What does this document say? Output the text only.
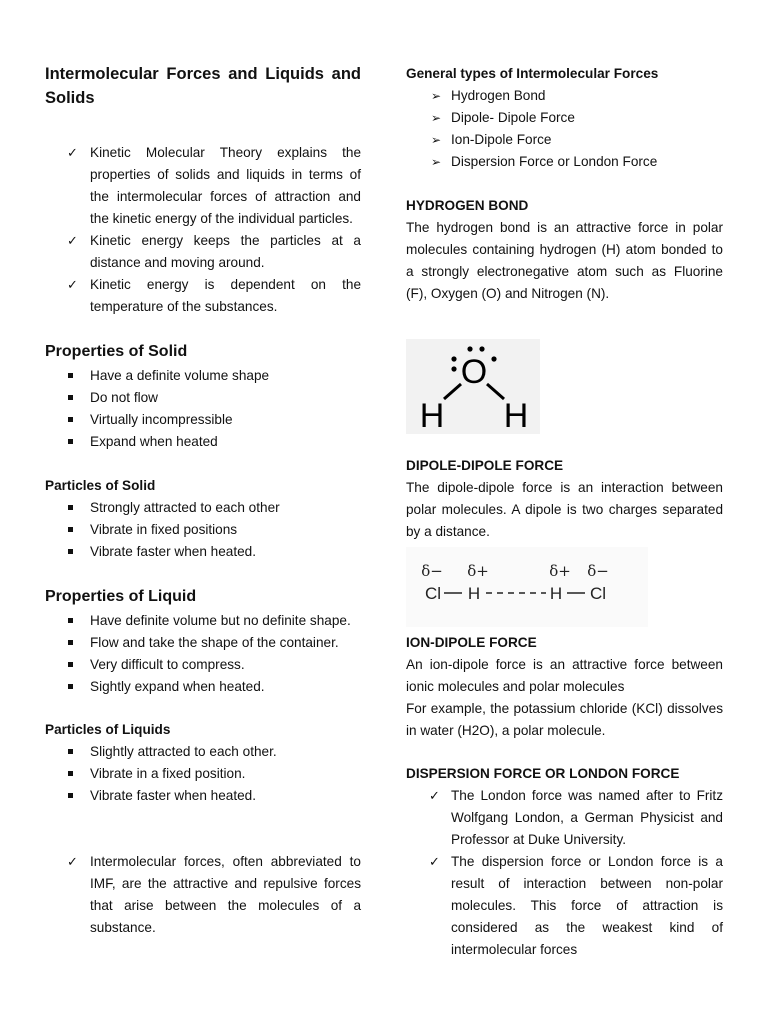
Intermolecular Forces and Liquids and Solids
✓ Kinetic Molecular Theory explains the properties of solids and liquids in terms of the intermolecular forces of attraction and the kinetic energy of the individual particles.
✓ Kinetic energy keeps the particles at a distance and moving around.
✓ Kinetic energy is dependent on the temperature of the substances.
Properties of Solid
Have a definite volume shape
Do not flow
Virtually incompressible
Expand when heated
Particles of Solid
Strongly attracted to each other
Vibrate in fixed positions
Vibrate faster when heated.
Properties of Liquid
Have definite volume but no definite shape.
Flow and take the shape of the container.
Very difficult to compress.
Sightly expand when heated.
Particles of Liquids
Slightly attracted to each other.
Vibrate in a fixed position.
Vibrate faster when heated.
✓ Intermolecular forces, often abbreviated to IMF, are the attractive and repulsive forces that arise between the molecules of a substance.
General types of Intermolecular Forces
➢ Hydrogen Bond
➢ Dipole- Dipole Force
➢ Ion-Dipole Force
➢ Dispersion Force or London Force
HYDROGEN BOND

The hydrogen bond is an attractive force in polar molecules containing hydrogen (H) atom bonded to a strongly electronegative atom such as Fluorine (F), Oxygen (O) and Nitrogen (N).

O
H H
DIPOLE-DIPOLE FORCE

The dipole-dipole force is an interaction between polar molecules. A dipole is two charges separated by a distance.

δ− δ+	δ+ δ−
Cl H	H Cl
ION-DIPOLE FORCE

An ion-dipole force is an attractive force between ionic molecules and polar molecules

For example, the potassium chloride (KCl) dissolves in water (H2O), a polar molecule.

DISPERSION FORCE OR LONDON FORCE
✓ The London force was named after to Fritz Wolfgang London, a German Physicist and Professor at Duke University.
✓ The dispersion force or London force is a result of interaction between non-polar molecules. This force of attraction is considered as the weakest kind of intermolecular forces
